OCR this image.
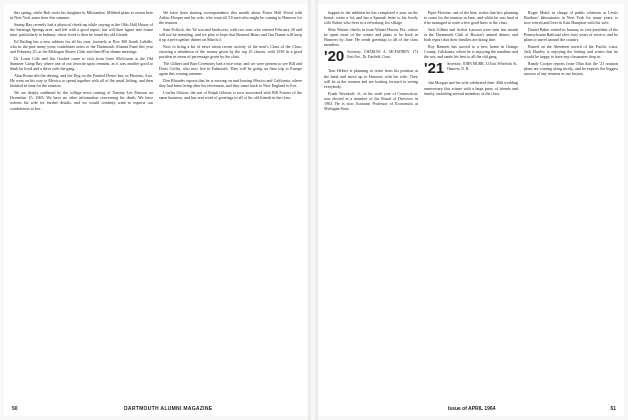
this spring, while Bob visits his daughter in Milwaukee. Mildred plans to return here in New York some time this summer.

Stump Ray recently had a physical check-up while staying at the Olds Hall House of the Saratoga Springs area, and left with a good report, but will then figure into future time, particularly to Indiana, where lived is then he found his old friends.

Ed Bailing has a new address for all his own, formerly at Box 300 South LaSalle, who in the past many years contributes notes to the Dartmouth Alumni Fund this year and February 25, at the Mohegan Shores Club, and then 80 at dinner meetings.

Dr. Louis Cole and Jim Gushee came to visit from Gene McGowan at the Old Summer Camp Bay where one of our favorite spots remains, as it was another good to think he lived and a drive with the gang.

Alan Rouse did the driving, and the Dog on the Painted Desert Inn, in Phoenix, Ariz. He went on his way to Mexico to spend together with all of the usual fishing, and then finished in time for the reunion.

We are deeply saddened by the college news coming of Tommy Lee Pearson on December 15, 1963. We have no other information concerning his death. We have written his wife for further details, and we would certainly want to express our condolences to her.

We have been sharing correspondence this month about Porter Hall Wood with Arthur Hooper and his wife, who want all '18 men who might be coming to Hanover for the reunion.

Sam Pollock, the '62 son and hardcover, with two sons who entered February 20 and will not be attending, and we plan to hope that Bernard Hines and Jim Dunne will keep it up a pet-together dinner on March 4.

Now to bring a bit of news about recent activity of the men's Class of the Class, showing a tabulation of the money given by the top 15 classes, with 1918 in a good position in terms of percentage given by the class.

The Gilbert and Barr Ceremony had a nice time, and we were present to see Bill and Doris Coffin, who now live in Falmouth. They will be going on their trip to Europe again this coming summer.

Don Rhoades reports that he is moving on and leaving Mexico and California, where they had been living after his retirement, and they came back to New England to live.

Cowles Gibson, the son of Ralph Gibson, is now associated with Bill Fosters of the same business, and has sent word of greetings to all of his old friends in the class.

50	DARTMOUTH ALUMNI MAGAZINE

happen to the addition he has completed a year on the house, wrote a lot, and has a Spanish letter to his lovely wife Esther who lives in a refreshing fox village.

Miss Warner checks in from Winter Haven, Fla., where he spent most of the winter and plans to be back in Hanover by June. He sends greetings to all of the class members.

'20 Secretary, CHARLES A. MCFADDEN, 174 East Ave., Dr. Fairfield, Conn.

Tom Hebert is planning to retire from his position at the bank and move up to Hanover with his wife. They will be at the reunion and are looking forward to seeing everybody.

Frank Woodruff, Jr., in his sixth year of Connecticut, was elected as a member of the Board of Directors in 1963. He is now Assistant Professor of Economics at Michigan State.

Piper Fletcher, one of the best, writes that he's planning to come for the reunion in June, and while he was hard at it he managed to write a few good lines to the class.

Jack Gilbert and Archie Lawson were seen last month at the Dartmouth Club of Boston's annual dinner, and both report that their families are doing fine.

Roy Bennett has moved to a new home in Orange County, California, where he is enjoying the sunshine and the sea, and sends his best to all the old gang.

'21 Secretary, JOHN MURR, 33 East Wheelock St., Hanover, N. H.

Jim Morgan and his wife celebrated their 40th wedding anniversary this winter with a large party of friends and family, including several members of the class.

Roger Muhl, in charge of public relations at Lewis Brothers' laboratories in New York for many years, is now retired and lives in East Hampton with his wife.

Daniel Baker retired in January as vice-president of the Pennsylvania Railroad after forty years of service, and he plans to travel around the country.

Buried on the Aberdeen stretch of the Pacific coast, Jack Hartley is enjoying the fishing and writes that he would be happy to have any classmates drop in.

Randy Cooper reports from Ohio that the '21 reunion plans are coming along nicely, and he expects the biggest turnout of any reunion in our history.

Issue of APRIL 1964	51
